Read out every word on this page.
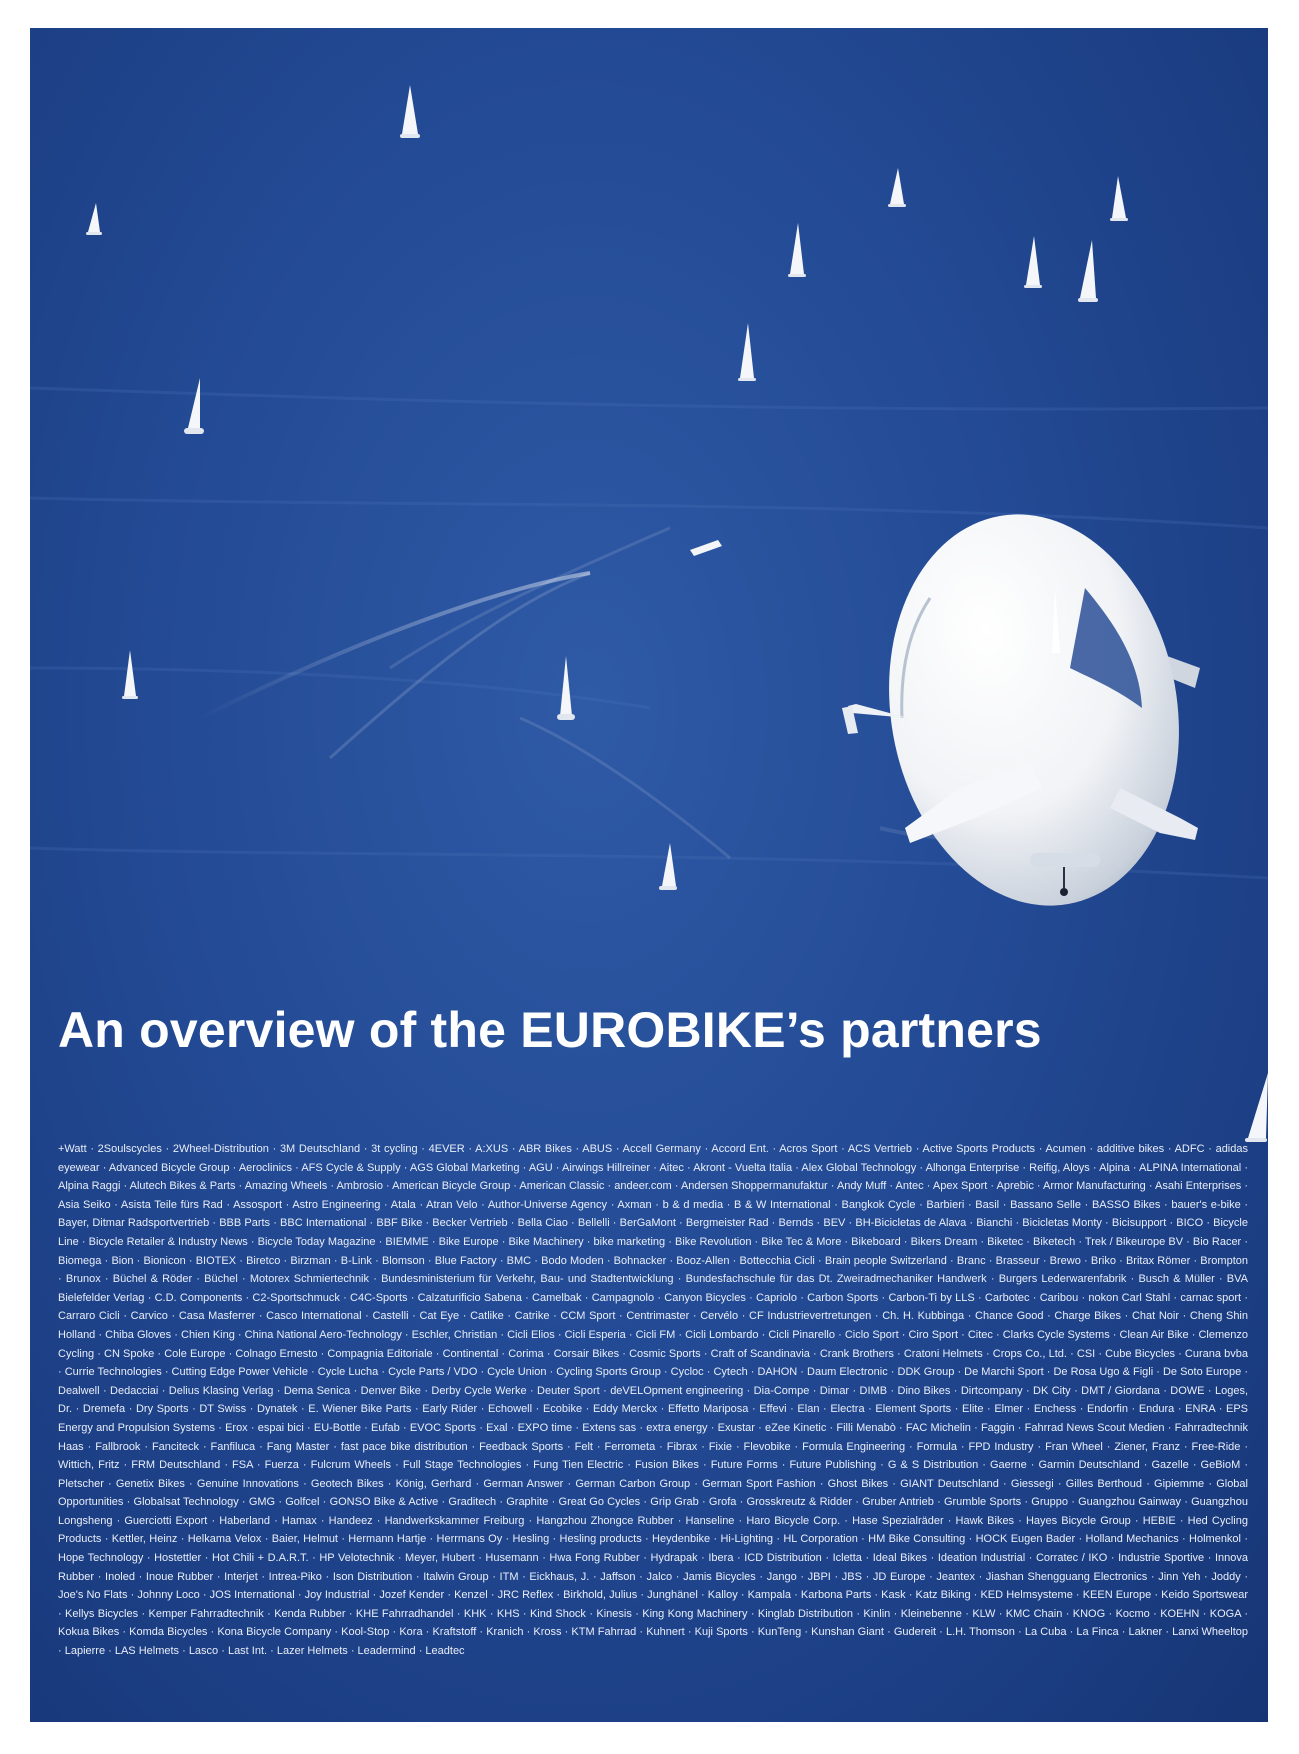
An overview of the EUROBIKE’s partners

+Watt · 2Soulscycles · 2Wheel-Distribution · 3M Deutschland · 3t cycling · 4EVER · A:XUS · ABR Bikes · ABUS · Accell Germany · Accord Ent. · Acros Sport · ACS Vertrieb · Active Sports Products · Acumen · additive bikes · ADFC · adidas eyewear · Advanced Bicycle Group · Aeroclinics · AFS Cycle & Supply · AGS Global Marketing · AGU · Airwings Hillreiner · Aitec · Akront - Vuelta Italia · Alex Global Technology · Alhonga Enterprise · Reifig, Aloys · Alpina · ALPINA International · Alpina Raggi · Alutech Bikes & Parts · Amazing Wheels · Ambrosio · American Bicycle Group · American Classic · andeer.com · Andersen Shoppermanufaktur · Andy Muff · Antec · Apex Sport · Aprebic · Armor Manufacturing · Asahi Enterprises · Asia Seiko · Asista Teile fürs Rad · Assosport · Astro Engineering · Atala · Atran Velo · Author-Universe Agency · Axman · b & d media · B & W International · Bangkok Cycle · Barbieri · Basil · Bassano Selle · BASSO Bikes · bauer's e-bike · Bayer, Ditmar Radsportvertrieb · BBB Parts · BBC International · BBF Bike · Becker Vertrieb · Bella Ciao · Bellelli · BerGaMont · Bergmeister Rad · Bernds · BEV · BH-Bicicletas de Alava · Bianchi · Bicicletas Monty · Bicisupport · BICO · Bicycle Line · Bicycle Retailer & Industry News · Bicycle Today Magazine · BIEMME · Bike Europe · Bike Machinery · bike marketing · Bike Revolution · Bike Tec & More · Bikeboard · Bikers Dream · Biketec · Biketech · Trek / Bikeurope BV · Bio Racer · Biomega · Bion · Bionicon · BIOTEX · Biretco · Birzman · B-Link · Blomson · Blue Factory · BMC · Bodo Moden · Bohnacker · Booz-Allen · Bottecchia Cicli · Brain people Switzerland · Branc · Brasseur · Brewo · Briko · Britax Römer · Brompton · Brunox · Büchel & Röder · Büchel · Motorex Schmiertechnik · Bundesministerium für Verkehr, Bau- und Stadtentwicklung · Bundesfachschule für das Dt. Zweiradmechaniker Handwerk · Burgers Lederwarenfabrik · Busch & Müller · BVA Bielefelder Verlag · C.D. Components · C2-Sportschmuck · C4C-Sports · Calzaturificio Sabena · Camelbak · Campagnolo · Canyon Bicycles · Capriolo · Carbon Sports · Carbon-Ti by LLS · Carbotec · Caribou · nokon Carl Stahl · carnac sport · Carraro Cicli · Carvico · Casa Masferrer · Casco International · Castelli · Cat Eye · Catlike · Catrike · CCM Sport · Centrimaster · Cervélo · CF Industrievertretungen · Ch. H. Kubbinga · Chance Good · Charge Bikes · Chat Noir · Cheng Shin Holland · Chiba Gloves · Chien King · China National Aero-Technology · Eschler, Christian · Cicli Elios · Cicli Esperia · Cicli FM · Cicli Lombardo · Cicli Pinarello · Ciclo Sport · Ciro Sport · Citec · Clarks Cycle Systems · Clean Air Bike · Clemenzo Cycling · CN Spoke · Cole Europe · Colnago Ernesto · Compagnia Editoriale · Continental · Corima · Corsair Bikes · Cosmic Sports · Craft of Scandinavia · Crank Brothers · Cratoni Helmets · Crops Co., Ltd. · CSI · Cube Bicycles · Curana bvba · Currie Technologies · Cutting Edge Power Vehicle · Cycle Lucha · Cycle Parts / VDO · Cycle Union · Cycling Sports Group · Cycloc · Cytech · DAHON · Daum Electronic · DDK Group · De Marchi Sport · De Rosa Ugo & Figli · De Soto Europe · Dealwell · Dedacciai · Delius Klasing Verlag · Dema Senica · Denver Bike · Derby Cycle Werke · Deuter Sport · deVELOpment engineering · Dia-Compe · Dimar · DIMB · Dino Bikes · Dirtcompany · DK City · DMT / Giordana · DOWE · Loges, Dr. · Dremefa · Dry Sports · DT Swiss · Dynatek · E. Wiener Bike Parts · Early Rider · Echowell · Ecobike · Eddy Merckx · Effetto Mariposa · Effevi · Elan · Electra · Element Sports · Elite · Elmer · Enchess · Endorfin · Endura · ENRA · EPS Energy and Propulsion Systems · Erox · espai bici · EU-Bottle · Eufab · EVOC Sports · Exal · EXPO time · Extens sas · extra energy · Exustar · eZee Kinetic · Filli Menabò · FAC Michelin · Faggin · Fahrrad News Scout Medien · Fahrradtechnik Haas · Fallbrook · Fanciteck · Fanfiluca · Fang Master · fast pace bike distribution · Feedback Sports · Felt · Ferrometa · Fibrax · Fixie · Flevobike · Formula Engineering · Formula · FPD Industry · Fran Wheel · Ziener, Franz · Free-Ride · Wittich, Fritz · FRM Deutschland · FSA · Fuerza · Fulcrum Wheels · Full Stage Technologies · Fung Tien Electric · Fusion Bikes · Future Forms · Future Publishing · G & S Distribution · Gaerne · Garmin Deutschland · Gazelle · GeBioM · Pletscher · Genetix Bikes · Genuine Innovations · Geotech Bikes · König, Gerhard · German Answer · German Carbon Group · German Sport Fashion · Ghost Bikes · GIANT Deutschland · Giessegi · Gilles Berthoud · Gipiemme · Global Opportunities · Globalsat Technology · GMG · Golfcel · GONSO Bike & Active · Graditech · Graphite · Great Go Cycles · Grip Grab · Grofa · Grosskreutz & Ridder · Gruber Antrieb · Grumble Sports · Gruppo · Guangzhou Gainway · Guangzhou Longsheng · Guerciotti Export · Haberland · Hamax · Handeez · Handwerkskammer Freiburg · Hangzhou Zhongce Rubber · Hanseline · Haro Bicycle Corp. · Hase Spezialräder · Hawk Bikes · Hayes Bicycle Group · HEBIE · Hed Cycling Products · Kettler, Heinz · Helkama Velox · Baier, Helmut · Hermann Hartje · Herrmans Oy · Hesling · Hesling products · Heydenbike · Hi-Lighting · HL Corporation · HM Bike Consulting · HOCK Eugen Bader · Holland Mechanics · Holmenkol · Hope Technology · Hostettler · Hot Chili + D.A.R.T. · HP Velotechnik · Meyer, Hubert · Husemann · Hwa Fong Rubber · Hydrapak · Ibera · ICD Distribution · Icletta · Ideal Bikes · Ideation Industrial · Corratec / IKO · Industrie Sportive · Innova Rubber · Inoled · Inoue Rubber · Interjet · Intrea-Piko · Ison Distribution · Italwin Group · ITM · Eickhaus, J. · Jaffson · Jalco · Jamis Bicycles · Jango · JBPI · JBS · JD Europe · Jeantex · Jiashan Shengguang Electronics · Jinn Yeh · Joddy · Joe's No Flats · Johnny Loco · JOS International · Joy Industrial · Jozef Kender · Kenzel · JRC Reflex · Birkhold, Julius · Junghänel · Kalloy · Kampala · Karbona Parts · Kask · Katz Biking · KED Helmsysteme · KEEN Europe · Keido Sportswear · Kellys Bicycles · Kemper Fahrradtechnik · Kenda Rubber · KHE Fahrradhandel · KHK · KHS · Kind Shock · Kinesis · King Kong Machinery · Kinglab Distribution · Kinlin · Kleinebenne · KLW · KMC Chain · KNOG · Kocmo · KOEHN · KOGA · Kokua Bikes · Komda Bicycles · Kona Bicycle Company · Kool-Stop · Kora · Kraftstoff · Kranich · Kross · KTM Fahrrad · Kuhnert · Kuji Sports · KunTeng · Kunshan Giant · Gudereit · L.H. Thomson · La Cuba · La Finca · Lakner · Lanxi Wheeltop · Lapierre · LAS Helmets · Lasco · Last Int. · Lazer Helmets · Leadermind · Leadtec
